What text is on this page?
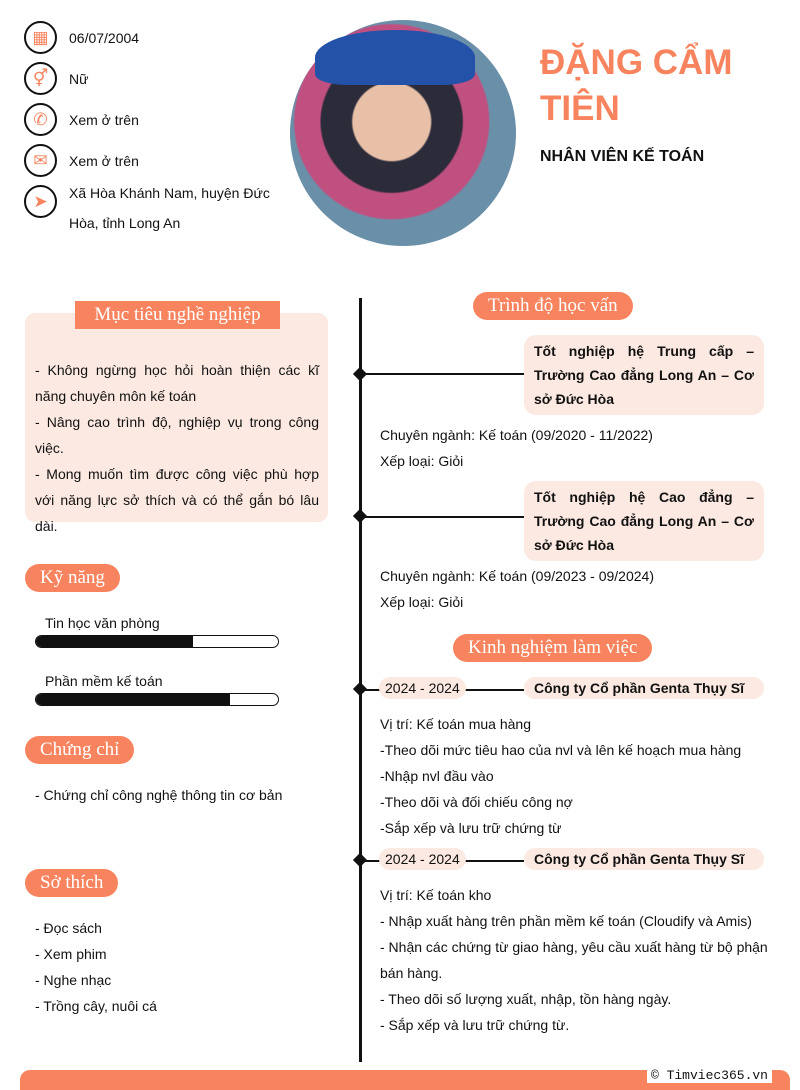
▦	06/07/2004
⚥	Nữ
✆	Xem ở trên
✉	Xem ở trên
➤	Xã Hòa Khánh Nam, huyện Đức Hòa, tỉnh Long An
ĐẶNG CẨM TIÊN
NHÂN VIÊN KẾ TOÁN
Mục tiêu nghề nghiệp
- Không ngừng học hỏi hoàn thiện các kĩ năng chuyên môn kế toán
- Nâng cao trình độ, nghiệp vụ trong công việc.
- Mong muốn tìm được công việc phù hợp với năng lực sở thích và có thể gắn bó lâu dài.
Kỹ năng
Tin học văn phòng
Phần mềm kế toán
Chứng chỉ
- Chứng chỉ công nghệ thông tin cơ bản
Sở thích
- Đọc sách
- Xem phim
- Nghe nhạc
- Trồng cây, nuôi cá
Trình độ học vấn
Tốt nghiệp hệ Trung cấp – Trường Cao đẳng Long An – Cơ sở Đức Hòa
Chuyên ngành: Kế toán (09/2020 - 11/2022)
Xếp loại: Giỏi
Tốt nghiệp hệ Cao đẳng – Trường Cao đẳng Long An – Cơ sở Đức Hòa
Chuyên ngành: Kế toán (09/2023 - 09/2024)
Xếp loại: Giỏi
Kinh nghiệm làm việc
2024 - 2024	Công ty Cổ phần Genta Thụy Sĩ
Vị trí: Kế toán mua hàng
-Theo dõi mức tiêu hao của nvl và lên kế hoạch mua hàng
-Nhập nvl đầu vào
-Theo dõi và đối chiếu công nợ
-Sắp xếp và lưu trữ chứng từ
2024 - 2024	Công ty Cổ phần Genta Thụy Sĩ
Vị trí: Kế toán kho
- Nhập xuất hàng trên phần mềm kế toán (Cloudify và Amis)
- Nhận các chứng từ giao hàng, yêu cầu xuất hàng từ bộ phận bán hàng.
- Theo dõi số lượng xuất, nhập, tồn hàng ngày.
- Sắp xếp và lưu trữ chứng từ.
© Timviec365.vn
